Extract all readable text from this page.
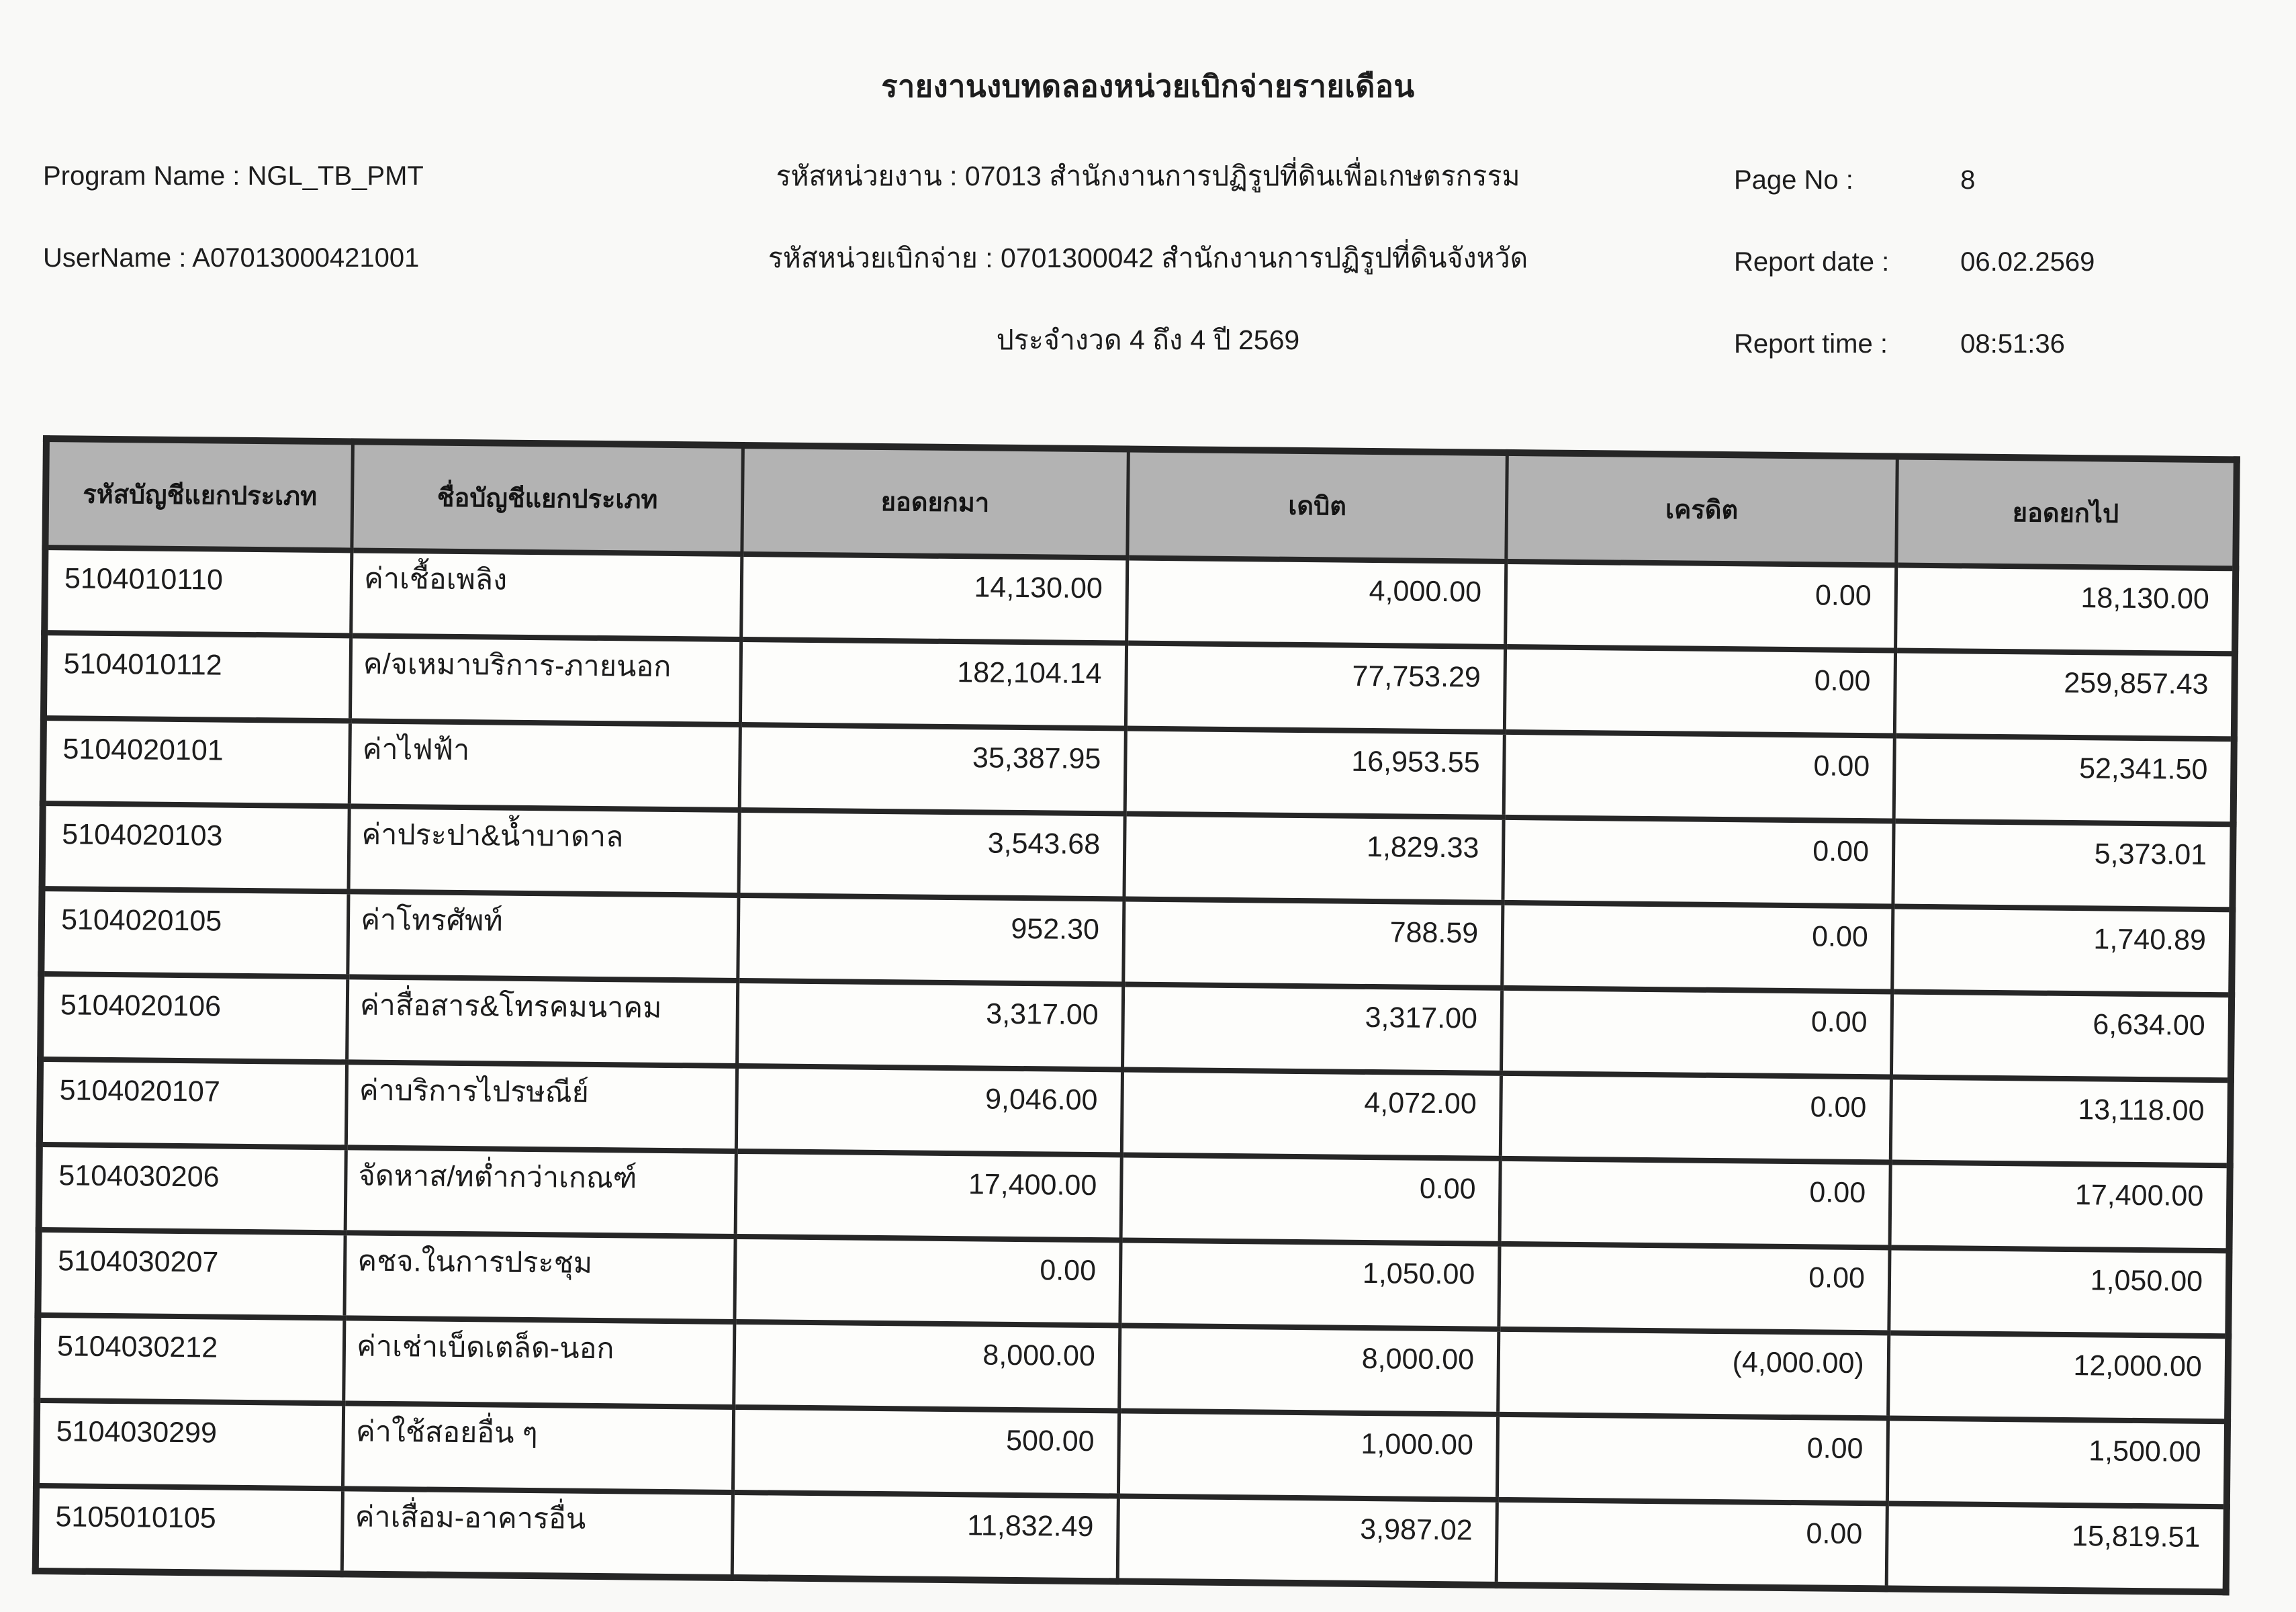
รายงานงบทดลองหน่วยเบิกจ่ายรายเดือน
Program Name : NGL_TB_PMT
UserName : A07013000421001
รหัสหน่วยงาน : 07013 สำนักงานการปฏิรูปที่ดินเพื่อเกษตรกรรม
รหัสหน่วยเบิกจ่าย : 0701300042 สำนักงานการปฏิรูปที่ดินจังหวัด
ประจำงวด 4 ถึง 4 ปี 2569
Page No :	8
Report date :	06.02.2569
Report time :	08:51:36
รหัสบัญชีแยกประเภท	ชื่อบัญชีแยกประเภท	ยอดยกมา	เดบิต	เครดิต	ยอดยกไป
5104010110	ค่าเชื้อเพลิง	14,130.00	4,000.00	0.00	18,130.00
5104010112	ค/จเหมาบริการ-ภายนอก	182,104.14	77,753.29	0.00	259,857.43
5104020101	ค่าไฟฟ้า	35,387.95	16,953.55	0.00	52,341.50
5104020103	ค่าประปา&น้ำบาดาล	3,543.68	1,829.33	0.00	5,373.01
5104020105	ค่าโทรศัพท์	952.30	788.59	0.00	1,740.89
5104020106	ค่าสื่อสาร&โทรคมนาคม	3,317.00	3,317.00	0.00	6,634.00
5104020107	ค่าบริการไปรษณีย์	9,046.00	4,072.00	0.00	13,118.00
5104030206	จัดหาส/ทต่ำกว่าเกณฑ์	17,400.00	0.00	0.00	17,400.00
5104030207	คชจ.ในการประชุม	0.00	1,050.00	0.00	1,050.00
5104030212	ค่าเช่าเบ็ดเตล็ด-นอก	8,000.00	8,000.00	(4,000.00)	12,000.00
5104030299	ค่าใช้สอยอื่น ๆ	500.00	1,000.00	0.00	1,500.00
5105010105	ค่าเสื่อม-อาคารอื่น	11,832.49	3,987.02	0.00	15,819.51
